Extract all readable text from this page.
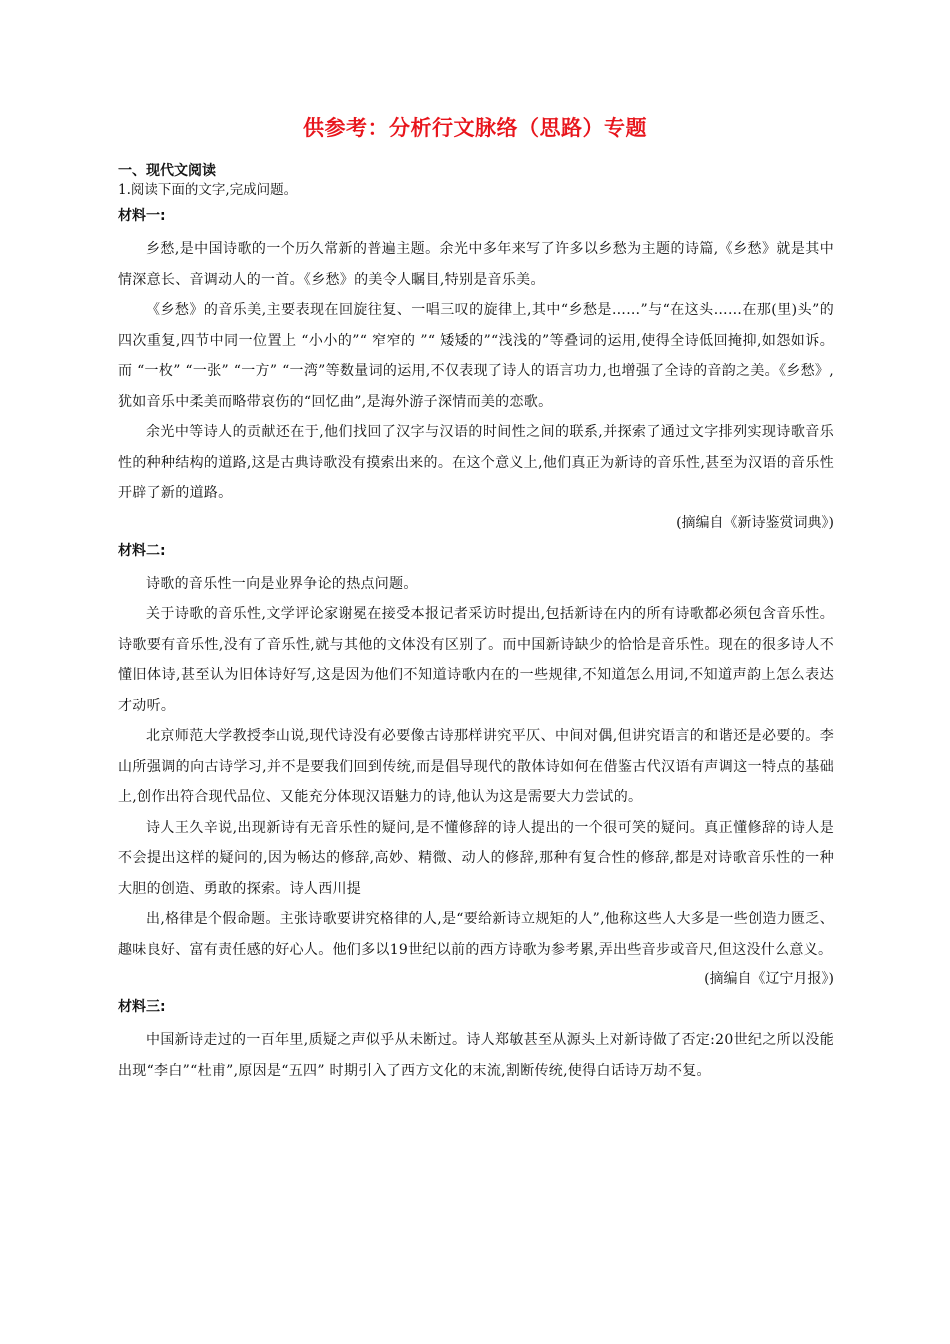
供参考：分析行文脉络（思路）专题
一、现代文阅读
1.阅读下面的文字,完成问题。
材料一:

乡愁,是中国诗歌的一个历久常新的普遍主题。余光中多年来写了许多以乡愁为主题的诗篇,《乡愁》就是其中情深意长、音调动人的一首。《乡愁》的美令人瞩目,特别是音乐美。

《乡愁》的音乐美,主要表现在回旋往复、一唱三叹的旋律上,其中“乡愁是……”与“在这头……在那(里)头”的四次重复,四节中同一位置上 “小小的”“ 窄窄的 ”“ 矮矮的”“浅浅的”等叠词的运用,使得全诗低回掩抑,如怨如诉。而 “一枚” “一张” “一方” “一湾”等数量词的运用,不仅表现了诗人的语言功力,也增强了全诗的音韵之美。《乡愁》,犹如音乐中柔美而略带哀伤的“回忆曲”,是海外游子深情而美的恋歌。

余光中等诗人的贡献还在于,他们找回了汉字与汉语的时间性之间的联系,并探索了通过文字排列实现诗歌音乐性的种种结构的道路,这是古典诗歌没有摸索出来的。在这个意义上,他们真正为新诗的音乐性,甚至为汉语的音乐性开辟了新的道路。

(摘编自《新诗鉴赏词典》)
材料二:

诗歌的音乐性一向是业界争论的热点问题。

关于诗歌的音乐性,文学评论家谢冕在接受本报记者采访时提出,包括新诗在内的所有诗歌都必须包含音乐性。诗歌要有音乐性,没有了音乐性,就与其他的文体没有区别了。而中国新诗缺少的恰恰是音乐性。现在的很多诗人不懂旧体诗,甚至认为旧体诗好写,这是因为他们不知道诗歌内在的一些规律,不知道怎么用词,不知道声韵上怎么表达才动听。

北京师范大学教授李山说,现代诗没有必要像古诗那样讲究平仄、中间对偶,但讲究语言的和谐还是必要的。李山所强调的向古诗学习,并不是要我们回到传统,而是倡导现代的散体诗如何在借鉴古代汉语有声调这一特点的基础上,创作出符合现代品位、又能充分体现汉语魅力的诗,他认为这是需要大力尝试的。

诗人王久辛说,出现新诗有无音乐性的疑问,是不懂修辞的诗人提出的一个很可笑的疑问。真正懂修辞的诗人是不会提出这样的疑问的,因为畅达的修辞,高妙、精微、动人的修辞,那种有复合性的修辞,都是对诗歌音乐性的一种大胆的创造、勇敢的探索。诗人西川提

出,格律是个假命题。主张诗歌要讲究格律的人,是“要给新诗立规矩的人”,他称这些人大多是一些创造力匮乏、趣味良好、富有责任感的好心人。他们多以19世纪以前的西方诗歌为参考累,弄出些音步或音尺,但这没什么意义。

(摘编自《辽宁月报》)
材料三:

中国新诗走过的一百年里,质疑之声似乎从未断过。诗人郑敏甚至从源头上对新诗做了否定:20世纪之所以没能出现“李白”“杜甫”,原因是“五四” 时期引入了西方文化的末流,割断传统,使得白话诗万劫不复。
